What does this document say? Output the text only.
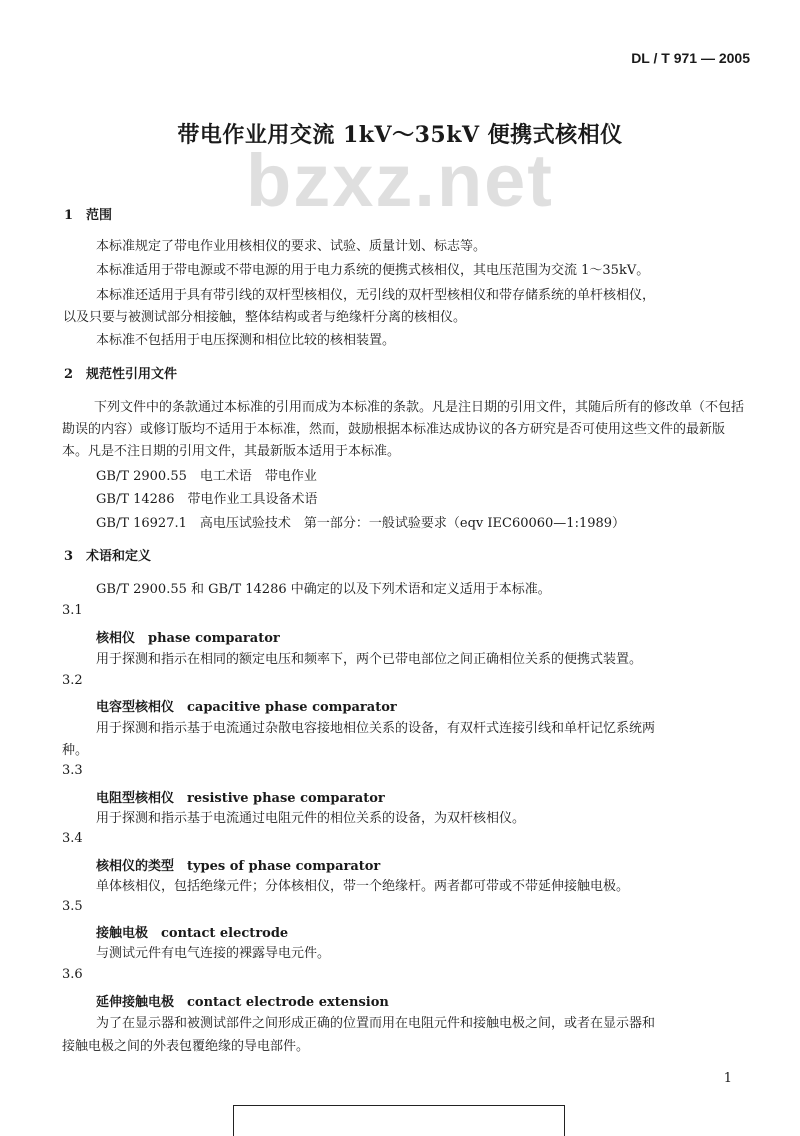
DL / T 971 — 2005
bzxz.net
带电作业用交流 1kV～35kV 便携式核相仪
1　范围
本标准规定了带电作业用核相仪的要求、试验、质量计划、标志等。
本标准适用于带电源或不带电源的用于电力系统的便携式核相仪，其电压范围为交流 1～35kV。
本标准还适用于具有带引线的双杆型核相仪，无引线的双杆型核相仪和带存储系统的单杆核相仪，
以及只要与被测试部分相接触，整体结构或者与绝缘杆分离的核相仪。
本标准不包括用于电压探测和相位比较的核相装置。
2　规范性引用文件
下列文件中的条款通过本标准的引用而成为本标准的条款。凡是注日期的引用文件，其随后所有的修改单（不包括勘误的内容）或修订版均不适用于本标准，然而，鼓励根据本标准达成协议的各方研究是否可使用这些文件的最新版本。凡是不注日期的引用文件，其最新版本适用于本标准。
GB/T 2900.55　电工术语　带电作业
GB/T 14286　带电作业工具设备术语
GB/T 16927.1　高电压试验技术　第一部分：一般试验要求（eqv IEC60060—1:1989）
3　术语和定义
GB/T 2900.55 和 GB/T 14286 中确定的以及下列术语和定义适用于本标准。
3.1
核相仪　phase comparator
用于探测和指示在相同的额定电压和频率下，两个已带电部位之间正确相位关系的便携式装置。
3.2
电容型核相仪　capacitive phase comparator
用于探测和指示基于电流通过杂散电容接地相位关系的设备，有双杆式连接引线和单杆记忆系统两
种。
3.3
电阻型核相仪　resistive phase comparator
用于探测和指示基于电流通过电阻元件的相位关系的设备，为双杆核相仪。
3.4
核相仪的类型　types of phase comparator
单体核相仪，包括绝缘元件；分体核相仪，带一个绝缘杆。两者都可带或不带延伸接触电极。
3.5
接触电极　contact electrode
与测试元件有电气连接的裸露导电元件。
3.6
延伸接触电极　contact electrode extension
为了在显示器和被测试部件之间形成正确的位置而用在电阻元件和接触电极之间，或者在显示器和
接触电极之间的外表包覆绝缘的导电部件。
1
